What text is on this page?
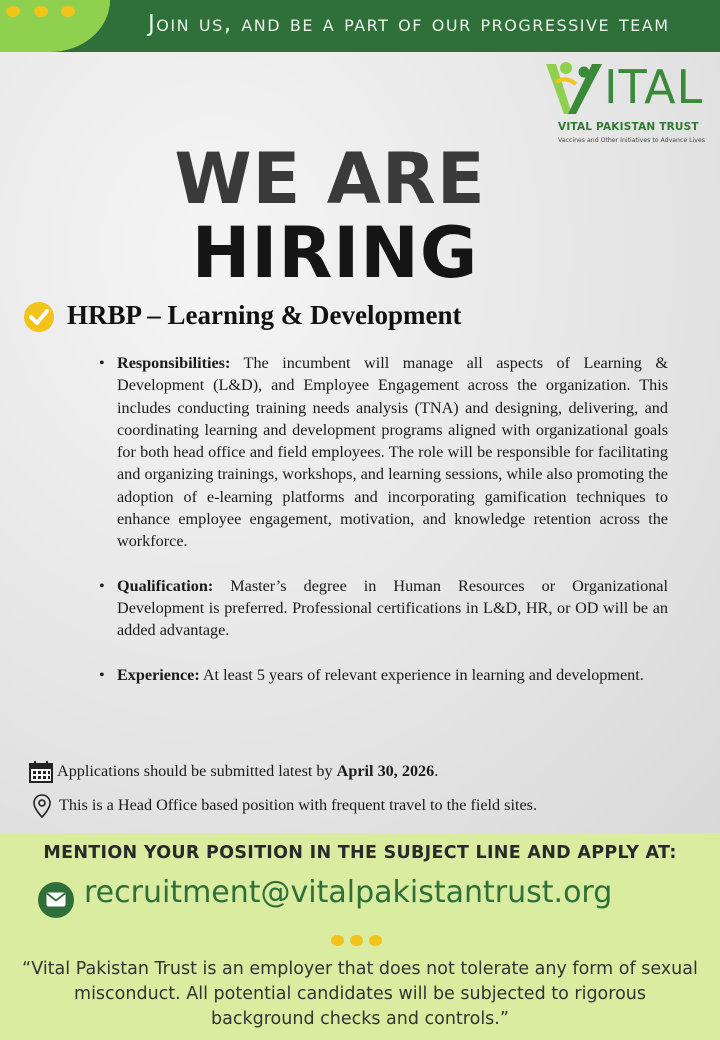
Join us, and be a part of our progressive team
ITAL
VITAL PAKISTAN TRUST
Vaccines and Other Initiatives to Advance Lives
WE ARE
HIRING
HRBP – Learning & Development
• Responsibilities: The incumbent will manage all aspects of Learning & Development (L&D), and Employee Engagement across the organization. This includes conducting training needs analysis (TNA) and designing, delivering, and coordinating learning and development programs aligned with organizational goals for both head office and field employees. The role will be responsible for facilitating and organizing trainings, workshops, and learning sessions, while also promoting the adoption of e-learning platforms and incorporating gamification techniques to enhance employee engagement, motivation, and knowledge retention across the workforce.
• Qualification: Master’s degree in Human Resources or Organizational Development is preferred. Professional certifications in L&D, HR, or OD will be an added advantage.
• Experience: At least 5 years of relevant experience in learning and development.
Applications should be submitted latest by April 30, 2026.
This is a Head Office based position with frequent travel to the field sites.
MENTION YOUR POSITION IN THE SUBJECT LINE AND APPLY AT:
recruitment@vitalpakistantrust.org
“Vital Pakistan Trust is an employer that does not tolerate any form of sexual misconduct. All potential candidates will be subjected to rigorous background checks and controls.”
